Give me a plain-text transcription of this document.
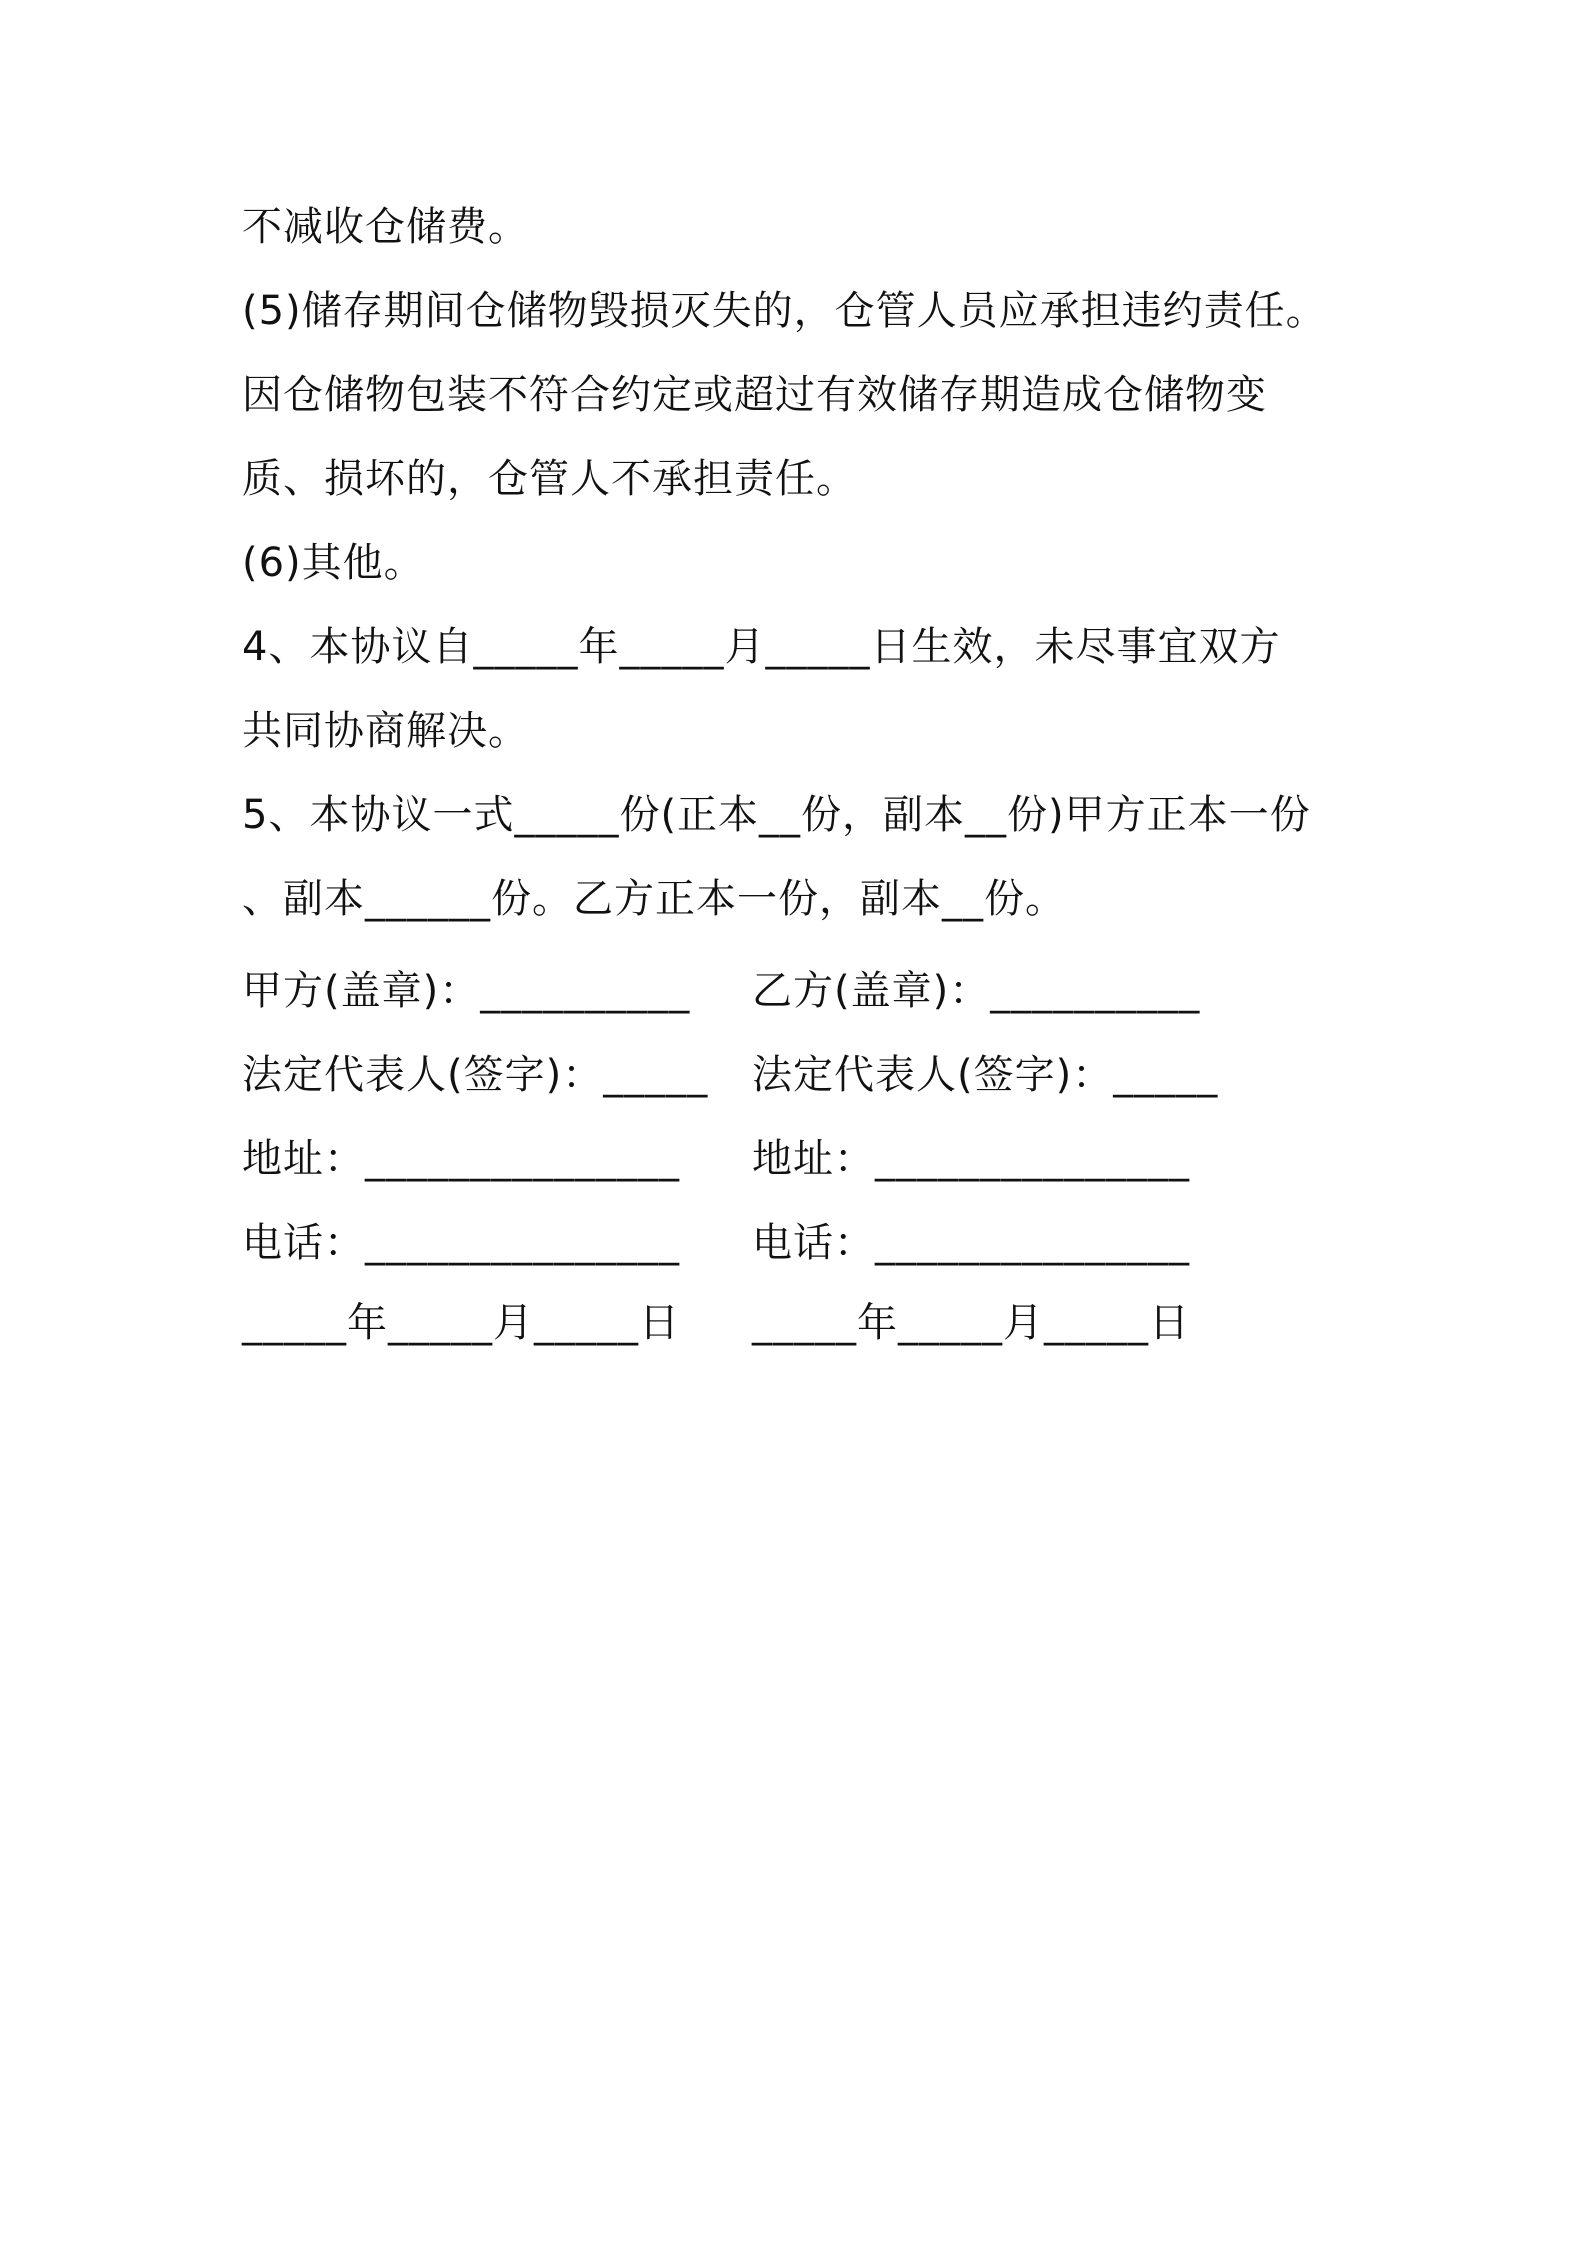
不减收仓储费。
(5)储存期间仓储物毁损灭失的，仓管人员应承担违约责任。
因仓储物包装不符合约定或超过有效储存期造成仓储物变
质、损坏的，仓管人不承担责任。
(6)其他。
4、本协议自_____年_____月_____日生效，未尽事宜双方
共同协商解决。
5、本协议一式_____份(正本__份，副本__份)甲方正本一份
、副本______份。乙方正本一份，副本__份。
甲方(盖章)：__________ 乙方(盖章)：__________
法定代表人(签字)：_____ 法定代表人(签字)：_____
地址：_______________ 地址：_______________
电话：_______________ 电话：_______________
_____年_____月_____日 _____年_____月_____日
